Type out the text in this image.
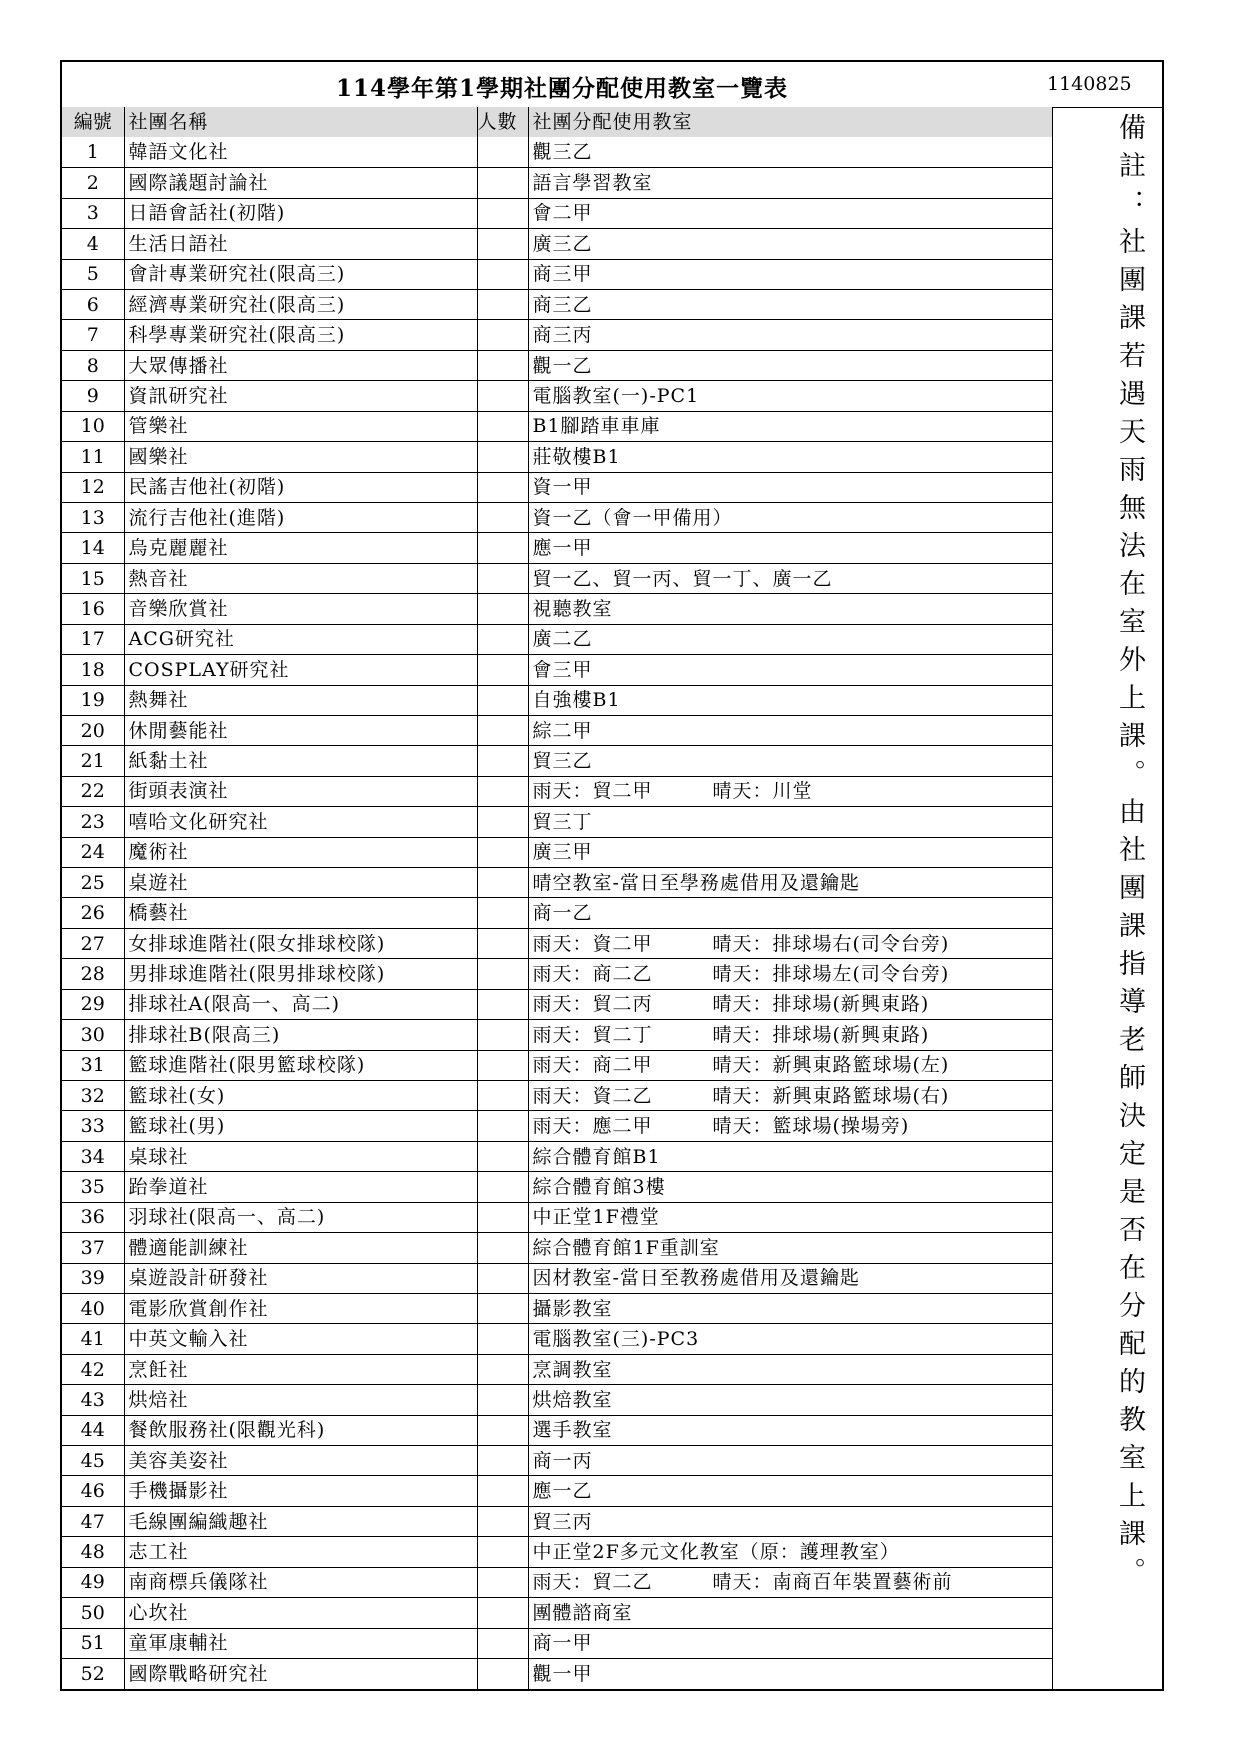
114學年第1學期社團分配使用教室一覽表	1140825
編號	社團名稱	人數	社團分配使用教室
1	韓語文化社		觀三乙
2	國際議題討論社		語言學習教室
3	日語會話社(初階)		會二甲
4	生活日語社		廣三乙
5	會計專業研究社(限高三)		商三甲
6	經濟專業研究社(限高三)		商三乙
7	科學專業研究社(限高三)		商三丙
8	大眾傳播社		觀一乙
9	資訊研究社		電腦教室(一)-PC1
10	管樂社		B1腳踏車車庫
11	國樂社		莊敬樓B1
12	民謠吉他社(初階)		資一甲
13	流行吉他社(進階)		資一乙（會一甲備用）
14	烏克麗麗社		應一甲
15	熱音社		貿一乙、貿一丙、貿一丁、廣一乙
16	音樂欣賞社		視聽教室
17	ACG研究社		廣二乙
18	COSPLAY研究社		會三甲
19	熱舞社		自強樓B1
20	休閒藝能社		綜二甲
21	紙黏土社		貿三乙
22	街頭表演社		雨天：貿二甲　　　晴天：川堂
23	嘻哈文化研究社		貿三丁
24	魔術社		廣三甲
25	桌遊社		晴空教室-當日至學務處借用及還鑰匙
26	橋藝社		商一乙
27	女排球進階社(限女排球校隊)		雨天：資二甲　　　晴天：排球場右(司令台旁)
28	男排球進階社(限男排球校隊)		雨天：商二乙　　　晴天：排球場左(司令台旁)
29	排球社A(限高一、高二)		雨天：貿二丙　　　晴天：排球場(新興東路)
30	排球社B(限高三)		雨天：貿二丁　　　晴天：排球場(新興東路)
31	籃球進階社(限男籃球校隊)		雨天：商二甲　　　晴天：新興東路籃球場(左)
32	籃球社(女)		雨天：資二乙　　　晴天：新興東路籃球場(右)
33	籃球社(男)		雨天：應二甲　　　晴天：籃球場(操場旁)
34	桌球社		綜合體育館B1
35	跆拳道社		綜合體育館3樓
36	羽球社(限高一、高二)		中正堂1F禮堂
37	體適能訓練社		綜合體育館1F重訓室
39	桌遊設計研發社		因材教室-當日至教務處借用及還鑰匙
40	電影欣賞創作社		攝影教室
41	中英文輸入社		電腦教室(三)-PC3
42	烹飪社		烹調教室
43	烘焙社		烘焙教室
44	餐飲服務社(限觀光科)		選手教室
45	美容美姿社		商一丙
46	手機攝影社		應一乙
47	毛線團編織趣社		貿三丙
48	志工社		中正堂2F多元文化教室（原：護理教室）
49	南商標兵儀隊社		雨天：貿二乙　　　晴天：南商百年裝置藝術前
50	心坎社		團體諮商室
51	童軍康輔社		商一甲
52	國際戰略研究社		觀一甲
備註：社團課若遇天雨無法在室外上課。由社團課指導老師決定是否在分配的教室上課。
